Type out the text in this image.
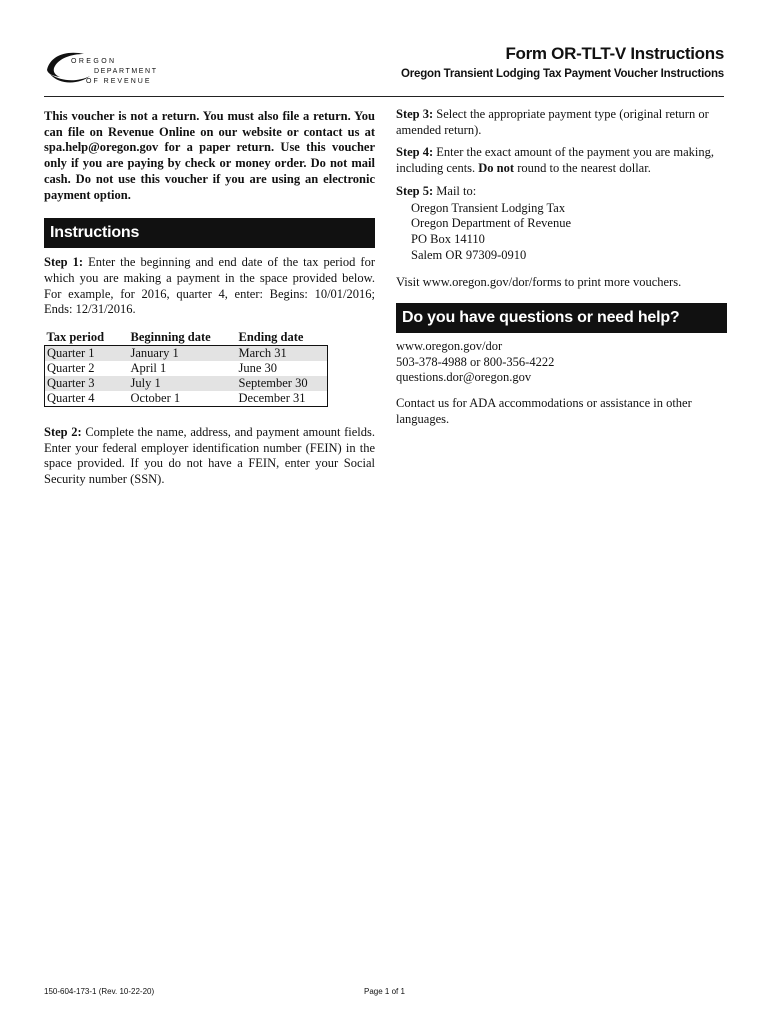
OREGON
DEPARTMENT
OF REVENUE
Form OR-TLT-V Instructions
Oregon Transient Lodging Tax Payment Voucher Instructions

This voucher is not a return. You must also file a return. You can file on Revenue Online on our website or contact us at spa.help@oregon.gov for a paper return. Use this voucher only if you are paying by check or money order. Do not mail cash. Do not use this voucher if you are using an electronic payment option.

Instructions

Step 1: Enter the beginning and end date of the tax period for which you are making a payment in the space provided below. For example, for 2016, quarter 4, enter: Begins: 10/01/2016; Ends: 12/31/2016.

Tax period	Beginning date	Ending date
Quarter 1	January 1	March 31
Quarter 2	April 1	June 30
Quarter 3	July 1	September 30
Quarter 4	October 1	December 31

Step 2: Complete the name, address, and payment amount fields. Enter your federal employer identification number (FEIN) in the space provided. If you do not have a FEIN, enter your Social Security number (SSN).

Step 3: Select the appropriate payment type (original return or amended return).

Step 4: Enter the exact amount of the payment you are making, including cents. Do not round to the nearest dollar.

Step 5: Mail to:

Oregon Transient Lodging Tax
Oregon Department of Revenue
PO Box 14110
Salem OR 97309-0910

Visit www.oregon.gov/dor/forms to print more vouchers.

Do you have questions or need help?
www.oregon.gov/dor
503-378-4988 or 800-356-4222
questions.dor@oregon.gov

Contact us for ADA accommodations or assistance in other languages.

150-604-173-1 (Rev. 10-22-20)	Page 1 of 1
